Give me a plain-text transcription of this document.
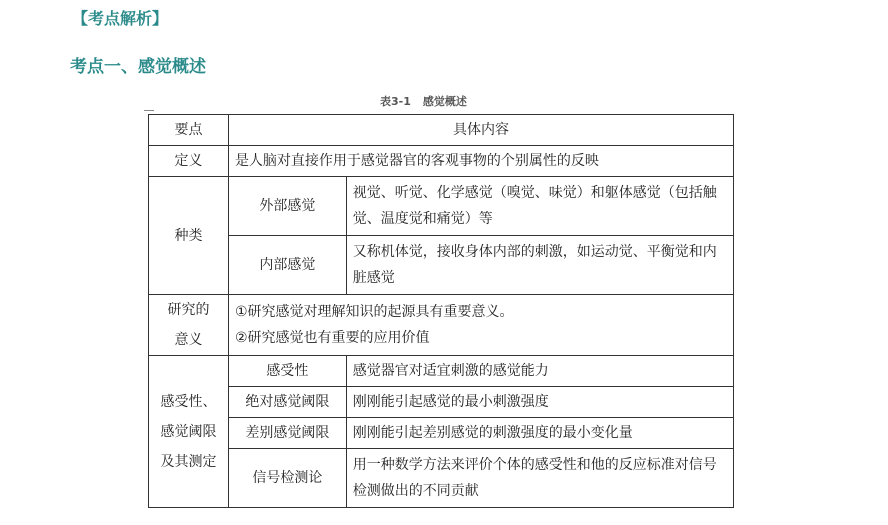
【考点解析】
考点一、感觉概述
表3-1 感觉概述
要点	具体内容	
定义	是人脑对直接作用于感觉器官的客观事物的个别属性的反映	
种类	外部感觉	视觉、听觉、化学感觉（嗅觉、味觉）和躯体感觉（包括触觉、温度觉和痛觉）等
	内部感觉	又称机体觉，接收身体内部的刺激，如运动觉、平衡觉和内脏感觉
研究的意义	①研究感觉对理解知识的起源具有重要意义。
②研究感觉也有重要的应用价值	

感受性、感觉阈限及其测定	感受性	感觉器官对适宜刺激的感觉能力
	绝对感觉阈限	刚刚能引起感觉的最小刺激强度
	差别感觉阈限	刚刚能引起差别感觉的刺激强度的最小变化量
	信号检测论	用一种数学方法来评价个体的感受性和他的反应标准对信号检测做出的不同贡献
